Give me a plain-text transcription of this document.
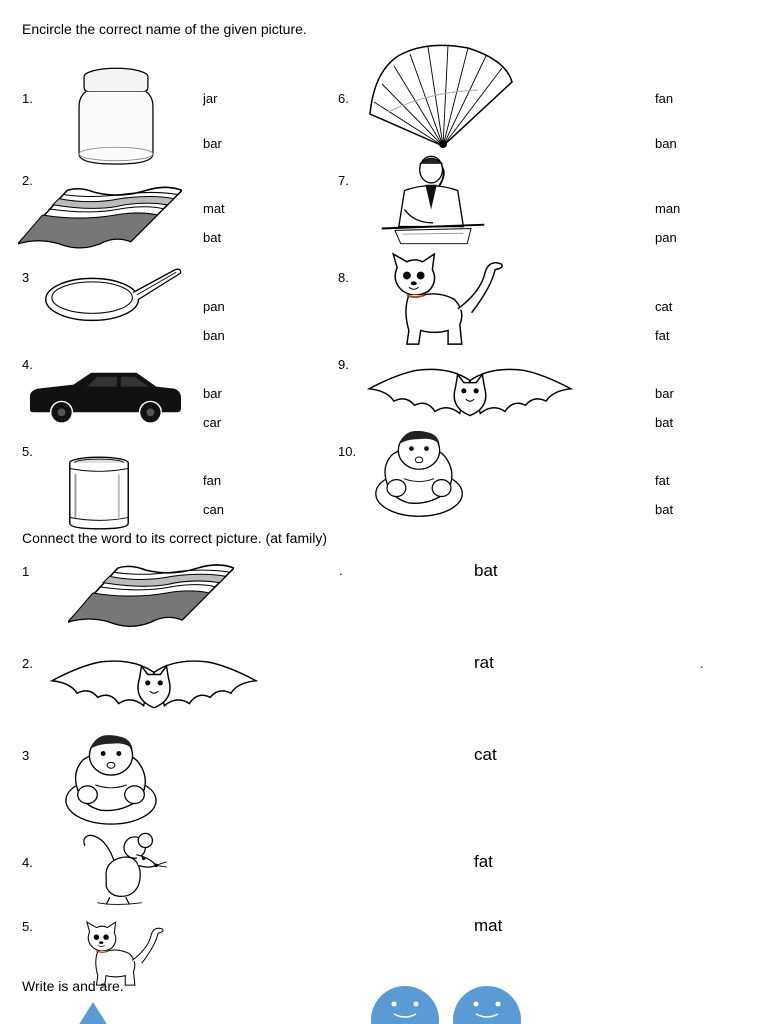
Encircle the correct name of the given picture.
1.	jar
bar
2.
mat
bat
3
pan
ban
4.
bar
car
5.
fan
can
6.	fan
ban
7.
man
pan
8.
cat
fat
9.
bar
bat
10.
fat
bat
Connect the word to its correct picture. (at family)
1	.	bat
2.	rat	.
3	cat
4.	fat
5.	mat
Write is and are.
